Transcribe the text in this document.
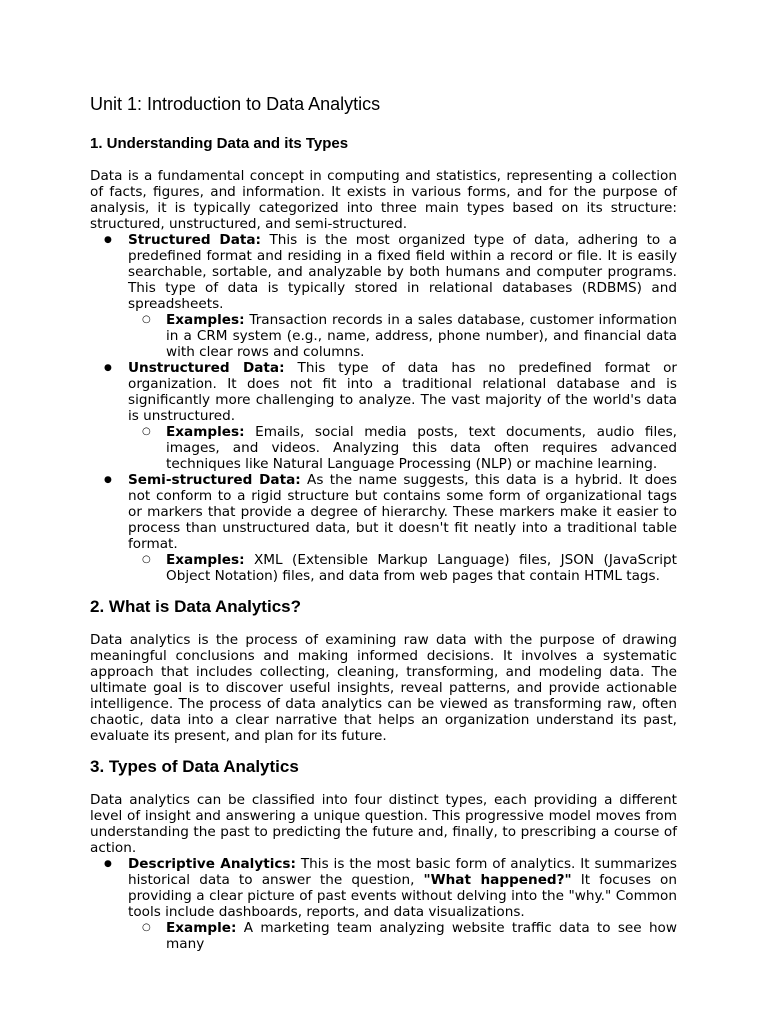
Unit 1: Introduction to Data Analytics
1. Understanding Data and its Types

Data is a fundamental concept in computing and statistics, representing a collection of facts, figures, and information. It exists in various forms, and for the purpose of analysis, it is typically categorized into three main types based on its structure: structured, unstructured, and semi-structured.

● Structured Data: This is the most organized type of data, adhering to a predefined format and residing in a fixed field within a record or file. It is easily searchable, sortable, and analyzable by both humans and computer programs. This type of data is typically stored in relational databases (RDBMS) and spreadsheets.
○ Examples: Transaction records in a sales database, customer information in a CRM system (e.g., name, address, phone number), and financial data with clear rows and columns.
● Unstructured Data: This type of data has no predefined format or organization. It does not fit into a traditional relational database and is significantly more challenging to analyze. The vast majority of the world's data is unstructured.
○ Examples: Emails, social media posts, text documents, audio files, images, and videos. Analyzing this data often requires advanced techniques like Natural Language Processing (NLP) or machine learning.
● Semi-structured Data: As the name suggests, this data is a hybrid. It does not conform to a rigid structure but contains some form of organizational tags or markers that provide a degree of hierarchy. These markers make it easier to process than unstructured data, but it doesn't fit neatly into a traditional table format.
○ Examples: XML (Extensible Markup Language) files, JSON (JavaScript Object Notation) files, and data from web pages that contain HTML tags.
2. What is Data Analytics?

Data analytics is the process of examining raw data with the purpose of drawing meaningful conclusions and making informed decisions. It involves a systematic approach that includes collecting, cleaning, transforming, and modeling data. The ultimate goal is to discover useful insights, reveal patterns, and provide actionable intelligence. The process of data analytics can be viewed as transforming raw, often chaotic, data into a clear narrative that helps an organization understand its past, evaluate its present, and plan for its future.

3. Types of Data Analytics

Data analytics can be classified into four distinct types, each providing a different level of insight and answering a unique question. This progressive model moves from understanding the past to predicting the future and, finally, to prescribing a course of action.

● Descriptive Analytics: This is the most basic form of analytics. It summarizes historical data to answer the question, "What happened?" It focuses on providing a clear picture of past events without delving into the "why." Common tools include dashboards, reports, and data visualizations.
○ Example: A marketing team analyzing website traffic data to see how many
